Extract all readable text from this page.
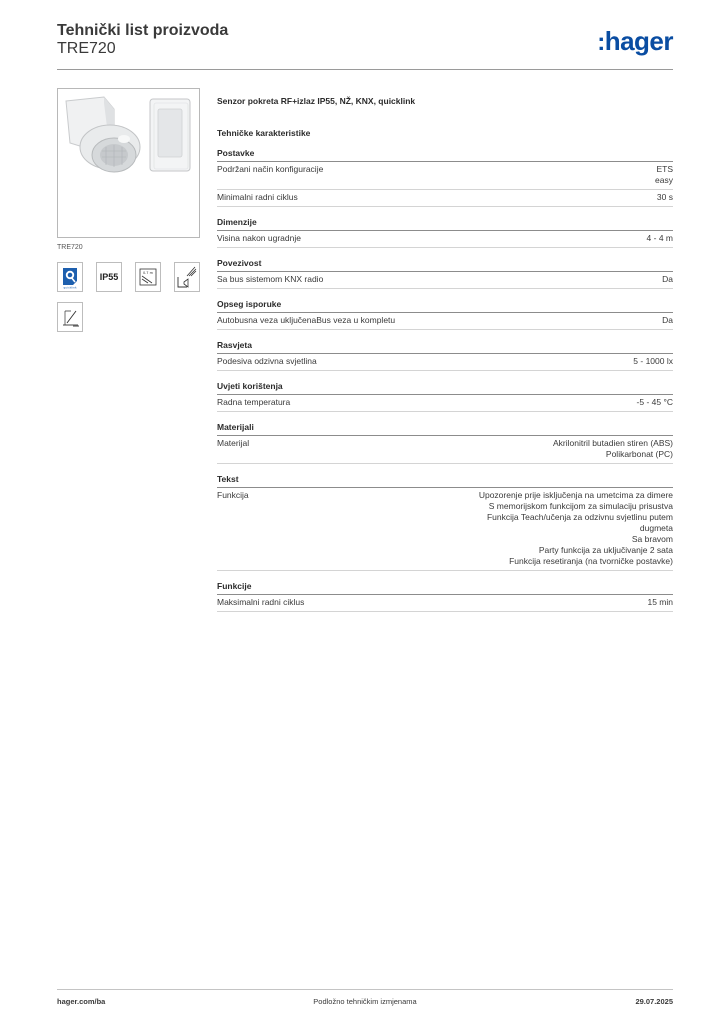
Tehnički list proizvoda
TRE720	:hager
TRE720
quicklink
IP55	0.7 m
Senzor pokreta RF+izlaz IP55, NŽ, KNX, quicklink
Tehničke karakteristike
Postavke
Podržani način konfiguracije	ETS
easy
Minimalni radni ciklus	30 s
Dimenzije
Visina nakon ugradnje	4 - 4 m
Povezivost
Sa bus sistemom KNX radio	Da
Opseg isporuke
Autobusna veza uključenaBus veza u kompletu	Da
Rasvjeta
Podesiva odzivna svjetlina	5 - 1000 lx
Uvjeti korištenja
Radna temperatura	-5 - 45 °C
Materijali
Materijal	Akrilonitril butadien stiren (ABS)
Polikarbonat (PC)
Tekst
Funkcija	Upozorenje prije isključenja na umetcima za dimere
S memorijskom funkcijom za simulaciju prisustva
Funkcija Teach/učenja za odzivnu svjetlinu putem
dugmeta
Sa bravom
Party funkcija za uključivanje 2 sata
Funkcija resetiranja (na tvorničke postavke)
Funkcije
Maksimalni radni ciklus	15 min
Podložno tehničkim izmjenama
hager.com/ba	29.07.2025
